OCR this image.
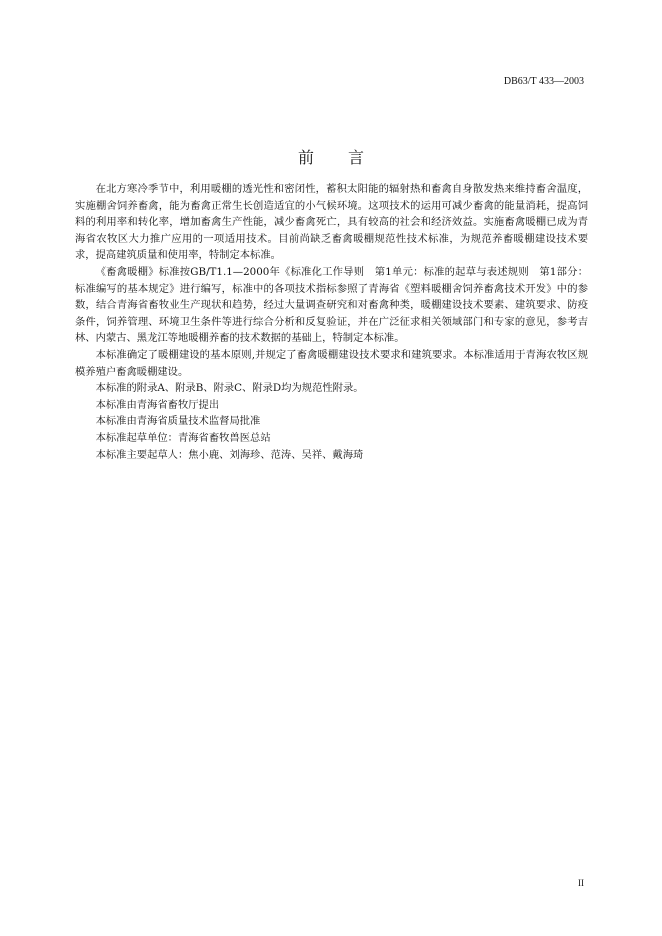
DB63/T 433—2003
前 言

在北方寒冷季节中，利用暖棚的透光性和密闭性，蓄积太阳能的辐射热和畜禽自身散发热来维持畜舍温度，实施棚舍饲养畜禽，能为畜禽正常生长创造适宜的小气候环境。这项技术的运用可减少畜禽的能量消耗，提高饲料的利用率和转化率，增加畜禽生产性能，减少畜禽死亡，具有较高的社会和经济效益。实施畜禽暖棚已成为青海省农牧区大力推广应用的一项适用技术。目前尚缺乏畜禽暖棚规范性技术标准，为规范养畜暖棚建设技术要求，提高建筑质量和使用率，特制定本标准。

《畜禽暖棚》标准按GB/T1.1—2000年《标准化工作导则　第1单元：标准的起草与表述规则　第1部分：标准编写的基本规定》进行编写，标准中的各项技术指标参照了青海省《塑料暖棚舍饲养畜禽技术开发》中的参数，结合青海省畜牧业生产现状和趋势，经过大量调查研究和对畜禽种类，暖棚建设技术要素、建筑要求、防疫条件，饲养管理、环境卫生条件等进行综合分析和反复验证，并在广泛征求相关领域部门和专家的意见，参考吉林、内蒙古、黑龙江等地暖棚养畜的技术数据的基础上，特制定本标准。

本标准确定了暖棚建设的基本原则,并规定了畜禽暖棚建设技术要求和建筑要求。本标准适用于青海农牧区规模养殖户畜禽暖棚建设。

本标准的附录A、附录B、附录C、附录D均为规范性附录。

本标准由青海省畜牧厅提出

本标准由青海省质量技术监督局批准

本标准起草单位：青海省畜牧兽医总站

本标准主要起草人：焦小鹿、刘海珍、范涛、吴祥、戴海琦

II
